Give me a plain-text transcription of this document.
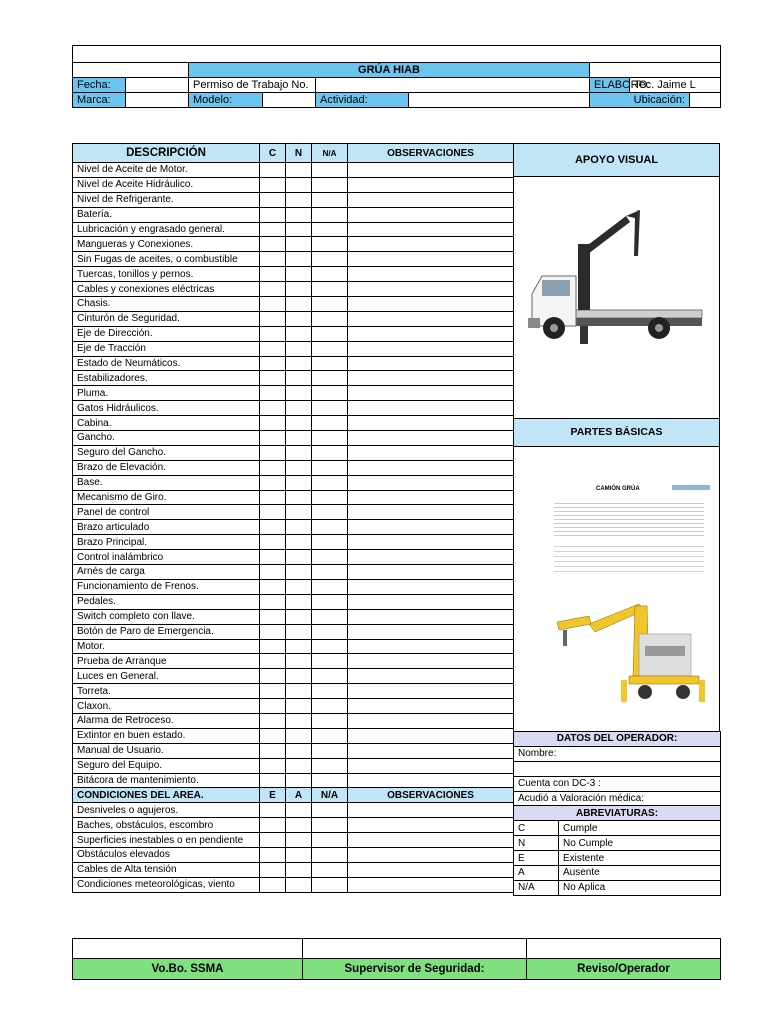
		GRÚA HIAB						
Fecha:		Permiso de Trabajo No.				ELABORO:	Tec. Jaime L	
Marca:		Modelo:		Actividad:		Ubicación:		
DESCRIPCIÓN	C	N	N/A	OBSERVACIONES
Nivel de Aceite de Motor.				
Nivel de Aceite Hidráulico.				
Nivel de Refrigerante.				
Batería.				
Lubricación y engrasado general.				
Mangueras y Conexiones.				
Sin Fugas de aceites, o combustible				
Tuercas, tonillos y pernos.				
Cables y conexiones eléctricas				
Chasis.				
Cinturón de Seguridad.				
Eje de Dirección.				
Eje de Tracción				
Estado de Neumáticos.				
Estabilizadores.				
Pluma.				
Gatos Hidráulicos.				
Cabina.				
Gancho.				
Seguro del Gancho.				
Brazo de Elevación.				
Base.				
Mecanismo de Giro.				
Panel de control				
Brazo articulado				
Brazo Principal.				
Control inalámbrico				
Arnés de carga				
Funcionamiento de Frenos.				
Pedales.				
Switch completo con llave.				
Botón de Paro de Emergencia.				
Motor.				
Prueba de Arranque				
Luces en General.				
Torreta.				
Claxon.				
Alarma de Retroceso.				
Extintor en buen estado.				
Manual de Usuario.				
Seguro del Equipo.				
Bitácora de mantenimiento.				
CONDICIONES DEL AREA.	E	A	N/A	OBSERVACIONES
Desniveles o agujeros.				
Baches, obstáculos, escombro				
Superficies inestables o en pendiente				
Obstáculos elevados				
Cables de Alta tensión				
Condiciones meteorológicas, viento				
APOYO VISUAL
PARTES BÁSICAS
CAMIÓN GRÚA
DATOS DEL OPERADOR:	
Nombre:	

Cuenta con DC-3 :	
Acudió a Valoración médica:	
ABREVIATURAS:	
C	Cumple
N	No Cumple
E	Existente
A	Ausente
N/A	No Aplica

Vo.Bo. SSMA	Supervisor de Seguridad:	Reviso/Operador
